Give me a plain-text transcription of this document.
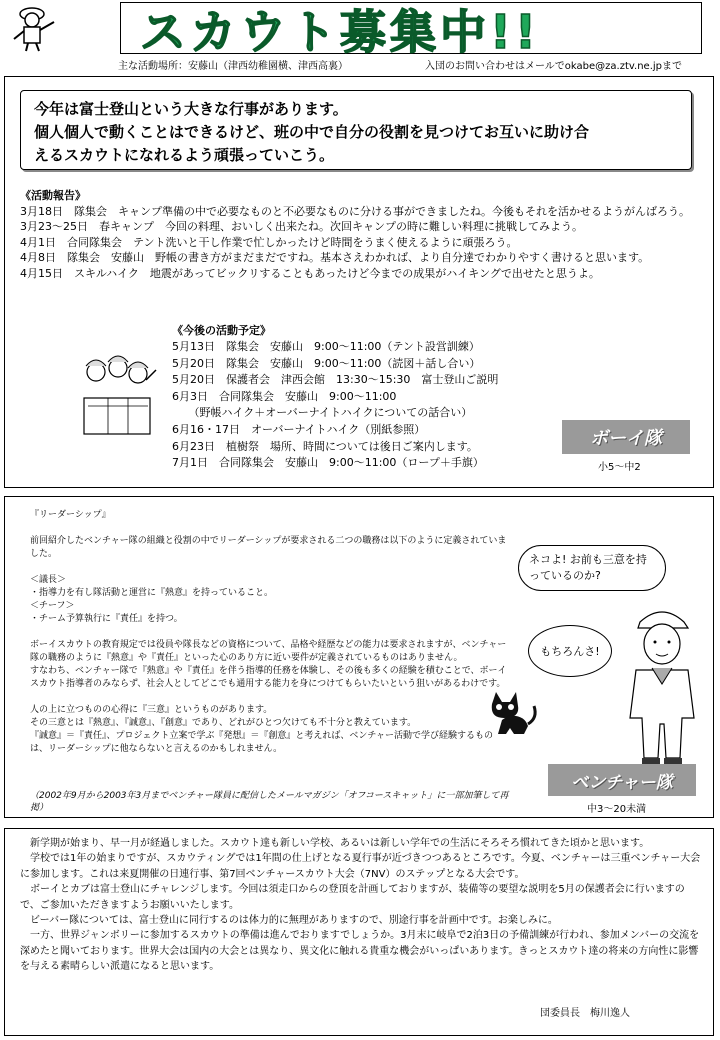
スカウト募集中!!
主な活動場所：安藤山（津西幼稚園横、津西高裏）	入団のお問い合わせはメールでokabe@za.ztv.ne.jpまで
今年は富士登山という大きな行事があります。
個人個人で動くことはできるけど、班の中で自分の役割を見つけてお互いに助け合
えるスカウトになれるよう頑張っていこう。
《活動報告》
3月18日　隊集会　キャンプ準備の中で必要なものと不必要なものに分ける事ができましたね。今後もそれを活かせるようがんばろう。
3月23～25日　春キャンプ　今回の料理、おいしく出来たね。次回キャンプの時に難しい料理に挑戦してみよう。
4月1日　合同隊集会　テント洗いと干し作業で忙しかったけど時間をうまく使えるように頑張ろう。
4月8日　隊集会　安藤山　野帳の書き方がまだまだですね。基本さえわかれば、より自分達でわかりやすく書けると思います。
4月15日　スキルハイク　地震があってビックリすることもあったけど今までの成果がハイキングで出せたと思うよ。
《今後の活動予定》
5月13日　隊集会　安藤山　9:00～11:00（テント設営訓練）
5月20日　隊集会　安藤山　9:00～11:00（読図＋話し合い）
5月20日　保護者会　津西会館　13:30～15:30　富士登山ご説明
6月3日　合同隊集会　安藤山　9:00～11:00
　　（野帳ハイク＋オーバーナイトハイクについての話合い）
6月16・17日　オーバーナイトハイク（別紙参照）
6月23日　植樹祭　場所、時間については後日ご案内します。
7月1日　合同隊集会　安藤山　9:00～11:00（ロープ＋手旗）
ボーイ隊
小5～中2

『リーダーシップ』

前回紹介したベンチャー隊の組織と役割の中でリーダーシップが要求される二つの職務は以下のように定義されていました。

＜議長＞
・指導力を有し隊活動と運営に『熱意』を持っていること。
＜チーフ＞
・チーム予算執行に『責任』を持つ。

ボーイスカウトの教育規定では役員や隊長などの資格について、品格や経歴などの能力は要求されますが、ベンチャー隊の職務のように『熱意』や『責任』といった心のあり方に近い要件が定義されているものはありません。
すなわち、ベンチャー隊で『熱意』や『責任』を伴う指導的任務を体験し、その後も多くの経験を積むことで、ボーイスカウト指導者のみならず、社会人としてどこでも通用する能力を身につけてもらいたいという狙いがあるわけです。

人の上に立つものの心得に『三意』というものがあります。
その三意とは『熱意』、『誠意』、『創意』であり、どれがひとつ欠けても不十分と教えています。
『誠意』＝『責任』、プロジェクト立案で学ぶ『発想』＝『創意』と考えれば、ベンチャー活動で学び経験するものは、リーダーシップに他ならないと言えるのかもしれません。

（2002年9月から2003年3月までベンチャー隊員に配信したメールマガジン「オフコースキャット」に一部加筆して再掲）
ネコよ! お前も三意を持っているのか?
もちろんさ!
ベンチャー隊
中3～20未満

　新学期が始まり、早一月が経過しました。スカウト達も新しい学校、あるいは新しい学年での生活にそろそろ慣れてきた頃かと思います。

　学校では1年の始まりですが、スカウティングでは1年間の仕上げとなる夏行事が近づきつつあるところです。今夏、ベンチャーは三重ベンチャー大会に参加します。これは来夏開催の日連行事、第7回ベンチャースカウト大会（7NV）のステップとなる大会です。

　ボーイとカブは富士登山にチャレンジします。今回は須走口からの登頂を計画しておりますが、装備等の要望な説明を5月の保護者会に行いますので、ご参加いただきますようお願いいたします。

　ビーバー隊については、富士登山に同行するのは体力的に無理がありますので、別途行事を計画中です。お楽しみに。

　一方、世界ジャンボリーに参加するスカウトの準備は進んでおりますでしょうか。3月末に岐阜で2泊3日の予備訓練が行われ、参加メンバーの交流を深めたと聞いております。世界大会は国内の大会とは異なり、異文化に触れる貴重な機会がいっぱいあります。きっとスカウト達の将来の方向性に影響を与える素晴らしい派遣になると思います。

団委員長　梅川逸人
